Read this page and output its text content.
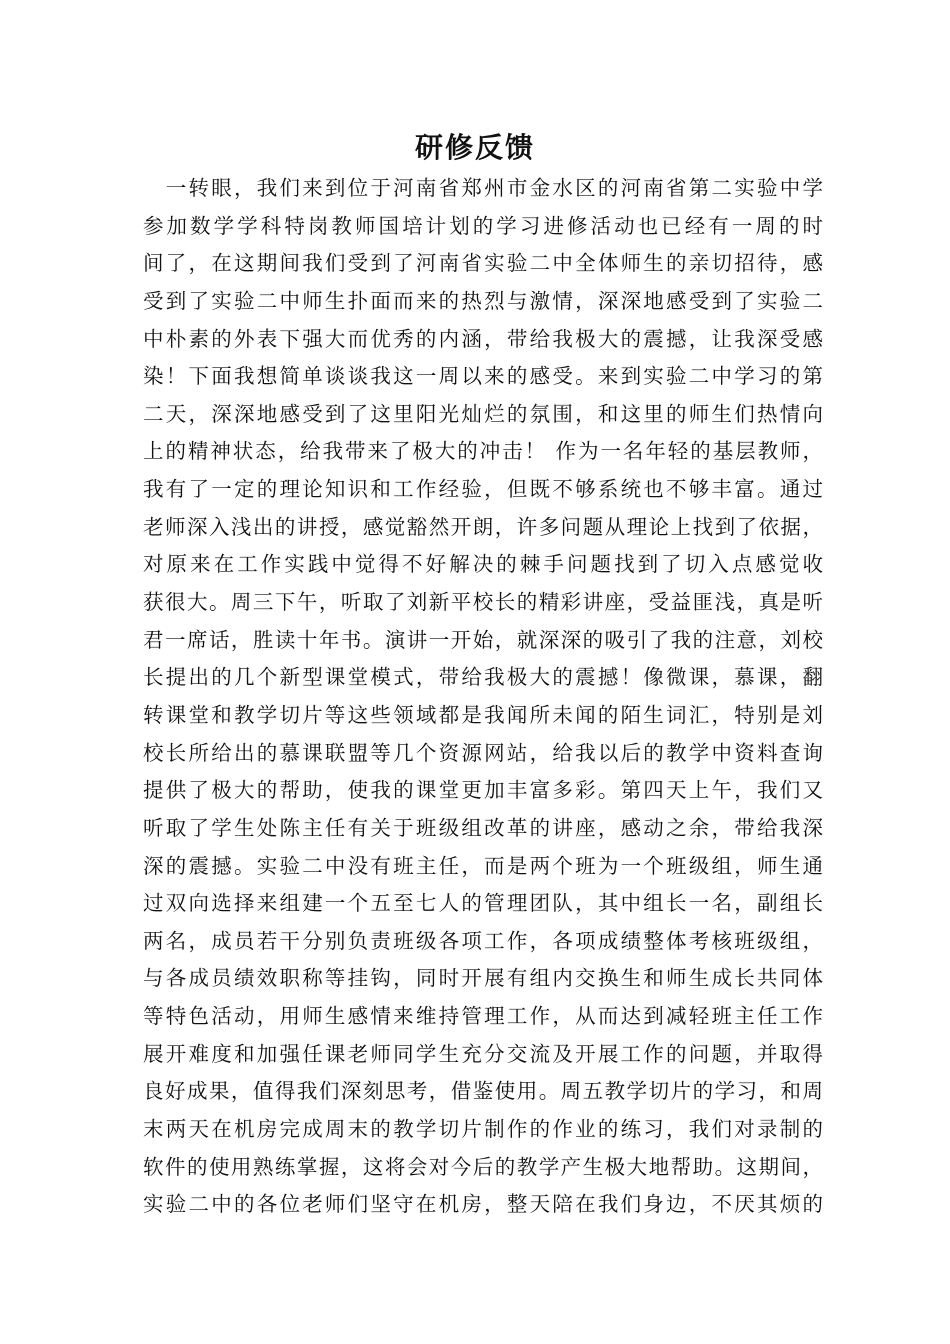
研修反馈
　一转眼，我们来到位于河南省郑州市金水区的河南省第二实验中学
参加数学学科特岗教师国培计划的学习进修活动也已经有一周的时
间了，在这期间我们受到了河南省实验二中全体师生的亲切招待，感
受到了实验二中师生扑面而来的热烈与激情，深深地感受到了实验二
中朴素的外表下强大而优秀的内涵，带给我极大的震撼，让我深受感
染！下面我想简单谈谈我这一周以来的感受。来到实验二中学习的第
二天，深深地感受到了这里阳光灿烂的氛围，和这里的师生们热情向
上的精神状态，给我带来了极大的冲击！ 作为一名年轻的基层教师，
我有了一定的理论知识和工作经验，但既不够系统也不够丰富。通过
老师深入浅出的讲授，感觉豁然开朗，许多问题从理论上找到了依据，
对原来在工作实践中觉得不好解决的棘手问题找到了切入点感觉收
获很大。周三下午，听取了刘新平校长的精彩讲座，受益匪浅，真是听
君一席话，胜读十年书。演讲一开始，就深深的吸引了我的注意，刘校
长提出的几个新型课堂模式，带给我极大的震撼！像微课，慕课，翻
转课堂和教学切片等这些领域都是我闻所未闻的陌生词汇，特别是刘
校长所给出的慕课联盟等几个资源网站，给我以后的教学中资料查询
提供了极大的帮助，使我的课堂更加丰富多彩。第四天上午，我们又
听取了学生处陈主任有关于班级组改革的讲座，感动之余，带给我深
深的震撼。实验二中没有班主任，而是两个班为一个班级组，师生通
过双向选择来组建一个五至七人的管理团队，其中组长一名，副组长
两名，成员若干分别负责班级各项工作，各项成绩整体考核班级组，
与各成员绩效职称等挂钩，同时开展有组内交换生和师生成长共同体
等特色活动，用师生感情来维持管理工作，从而达到减轻班主任工作
展开难度和加强任课老师同学生充分交流及开展工作的问题，并取得
良好成果，值得我们深刻思考，借鉴使用。周五教学切片的学习，和周
末两天在机房完成周末的教学切片制作的作业的练习，我们对录制的
软件的使用熟练掌握，这将会对今后的教学产生极大地帮助。这期间，
实验二中的各位老师们坚守在机房，整天陪在我们身边，不厌其烦的
